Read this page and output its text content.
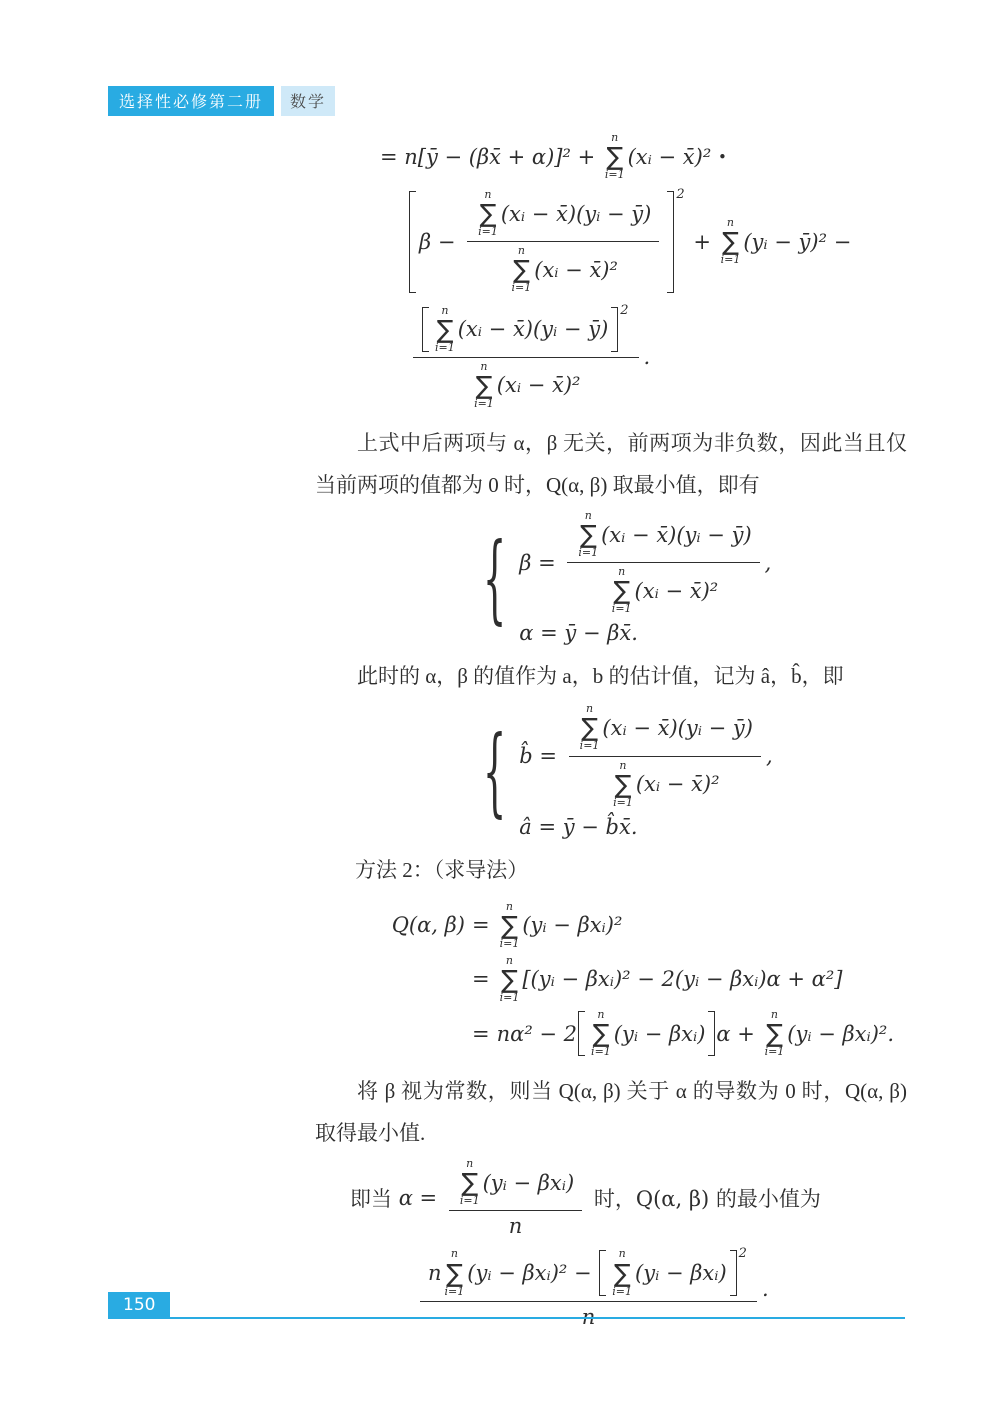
选择性必修第二册	数学
= n[ȳ − (βx̄ + α)]² +
n
∑
i=1
(xᵢ − x̄)² •
β − n
∑
i=1
(xᵢ − x̄)(yᵢ − ȳ)
n
∑
i=1
(xᵢ − x̄)² 2
+
n
∑
i=1
(yᵢ − ȳ)² −
n
∑
i=1
(xᵢ − x̄)(yᵢ − ȳ)
2
n
∑
i=1
(xᵢ − x̄)² .

上式中后两项与 α，β 无关，前两项为非负数，因此当且仅当前两项的值都为 0 时，Q(α, β) 取最小值，即有

{ β = n
∑
i=1
(xᵢ − x̄)(yᵢ − ȳ)
n
∑
i=1
(xᵢ − x̄)² ,
α = ȳ − βx̄.

此时的 α，β 的值作为 a，b 的估计值，记为 â，b̂，即

{ b̂ = n
∑
i=1
(xᵢ − x̄)(yᵢ − ȳ)
n
∑
i=1
(xᵢ − x̄)² ,
â = ȳ − b̂x̄.

方法 2：（求导法）

Q(α, β) =
n
∑
i=1
(yᵢ − βxᵢ)²
=
n
∑
i=1
[(yᵢ − βxᵢ)² − 2(yᵢ − βxᵢ)α + α²]
= nα² − 2
n
∑
i=1
(yᵢ − βxᵢ) α +
n
∑
i=1
(yᵢ − βxᵢ)².

将 β 视为常数，则当 Q(α, β) 关于 α 的导数为 0 时，Q(α, β) 取得最小值.

即当 α = n
∑
i=1
(yᵢ − βxᵢ)
n 时，Q(α, β) 的最小值为
n
n
∑
i=1
(yᵢ − βxᵢ)² −
n
∑
i=1
(yᵢ − βxᵢ)
2
.
150
